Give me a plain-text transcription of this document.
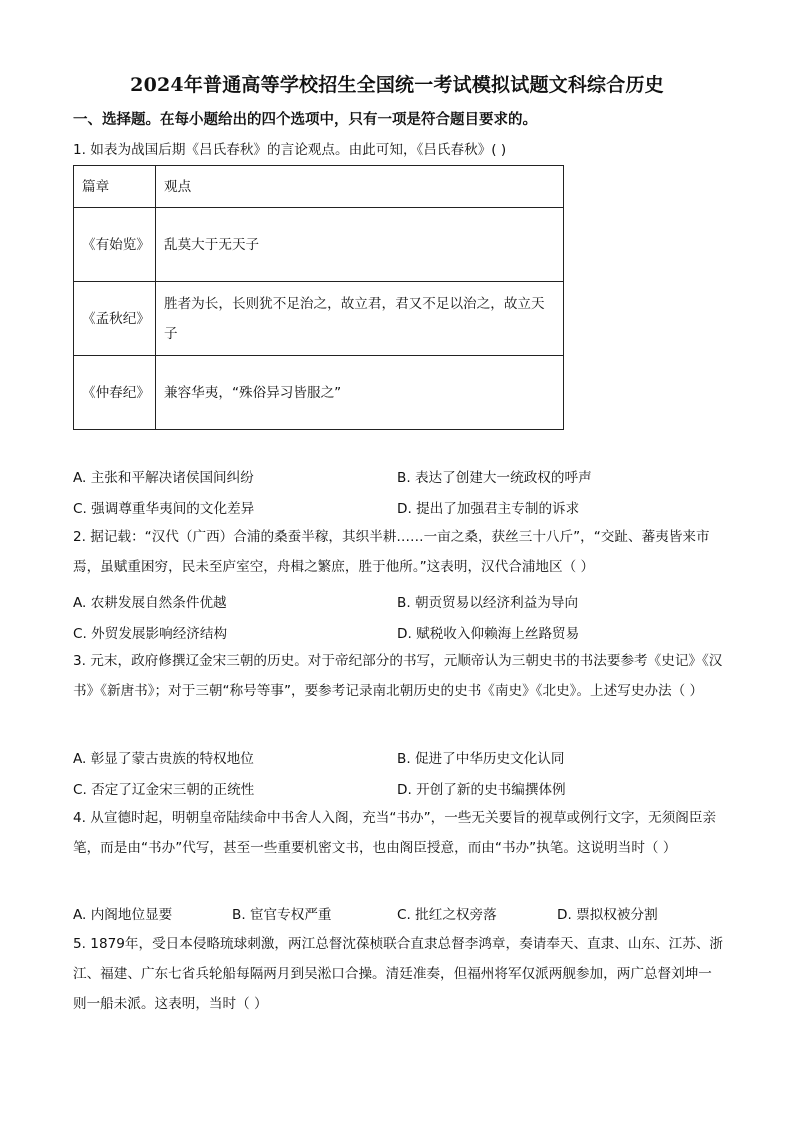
2024年普通高等学校招生全国统一考试模拟试题文科综合历史
一、选择题。在每小题给出的四个选项中，只有一项是符合题目要求的。
1. 如表为战国后期《吕氏春秋》的言论观点。由此可知，《吕氏春秋》( )
篇章	观点
《有始览》	乱莫大于无天子
《孟秋纪》	胜者为长，长则犹不足治之，故立君，君又不足以治之，故立天子
《仲春纪》	兼容华夷，“殊俗异习皆服之”
A. 主张和平解决诸侯国间纠纷	B. 表达了创建大一统政权的呼声
C. 强调尊重华夷间的文化差异	D. 提出了加强君主专制的诉求
2. 据记载：“汉代（广西）合浦的桑蚕半稼，其织半耕……一亩之桑，获丝三十八斤”，“交趾、蕃夷皆来市焉，虽赋重困穷，民未至庐室空，舟楫之繁庶，胜于他所。”这表明，汉代合浦地区（ ）
A. 农耕发展自然条件优越	B. 朝贡贸易以经济利益为导向
C. 外贸发展影响经济结构	D. 赋税收入仰赖海上丝路贸易
3. 元末，政府修撰辽金宋三朝的历史。对于帝纪部分的书写，元顺帝认为三朝史书的书法要参考《史记》《汉书》《新唐书》；对于三朝“称号等事”，要参考记录南北朝历史的史书《南史》《北史》。上述写史办法（ ）
A. 彰显了蒙古贵族的特权地位	B. 促进了中华历史文化认同
C. 否定了辽金宋三朝的正统性	D. 开创了新的史书编撰体例
4. 从宣德时起，明朝皇帝陆续命中书舍人入阁，充当“书办”，一些无关要旨的视草或例行文字，无须阁臣亲笔，而是由“书办”代写，甚至一些重要机密文书，也由阁臣授意，而由“书办”执笔。这说明当时（ ）
A. 内阁地位显要	B. 宦官专权严重	C. 批红之权旁落	D. 票拟权被分割
5. 1879年，受日本侵略琉球刺激，两江总督沈葆桢联合直隶总督李鸿章，奏请奉天、直隶、山东、江苏、浙江、福建、广东七省兵轮船每隔两月到吴淞口合操。清廷准奏，但福州将军仅派两舰参加，两广总督刘坤一则一船未派。这表明，当时（ ）
